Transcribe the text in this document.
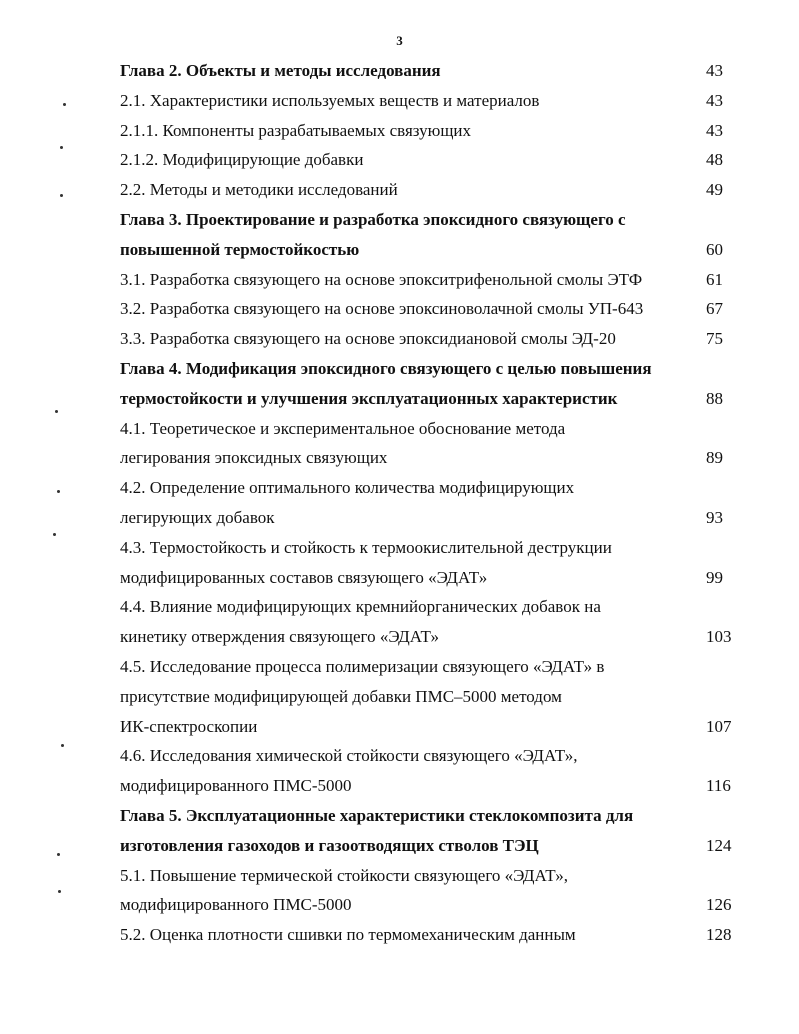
3
Глава 2. Объекты и методы исследования	43
2.1. Характеристики используемых веществ и материалов	43
2.1.1. Компоненты разрабатываемых связующих	43
2.1.2. Модифицирующие добавки	48
2.2. Методы и методики исследований	49
Глава 3. Проектирование и разработка эпоксидного связующего с
повышенной термостойкостью	60
3.1. Разработка связующего на основе эпокситрифенольной смолы ЭТФ	61
3.2. Разработка связующего на основе эпоксиноволачной смолы УП-643	67
3.3. Разработка связующего на основе эпоксидиановой смолы ЭД-20	75
Глава 4. Модификация эпоксидного связующего с целью повышения
термостойкости и улучшения эксплуатационных характеристик	88
4.1. Теоретическое и экспериментальное обоснование метода
легирования эпоксидных связующих	89
4.2. Определение оптимального количества модифицирующих
легирующих добавок	93
4.3. Термостойкость и стойкость к термоокислительной деструкции
модифицированных составов связующего «ЭДАТ»	99
4.4. Влияние модифицирующих кремнийорганических добавок на
кинетику отверждения связующего «ЭДАТ»	103
4.5. Исследование процесса полимеризации связующего «ЭДАТ» в
присутствие модифицирующей добавки ПМС–5000 методом
ИК-спектроскопии	107
4.6. Исследования химической стойкости связующего «ЭДАТ»,
модифицированного ПМС-5000	116
Глава 5. Эксплуатационные характеристики стеклокомпозита для
изготовления газоходов и газоотводящих стволов ТЭЦ	124
5.1. Повышение термической стойкости связующего «ЭДАТ»,
модифицированного ПМС-5000	126
5.2. Оценка плотности сшивки по термомеханическим данным	128
